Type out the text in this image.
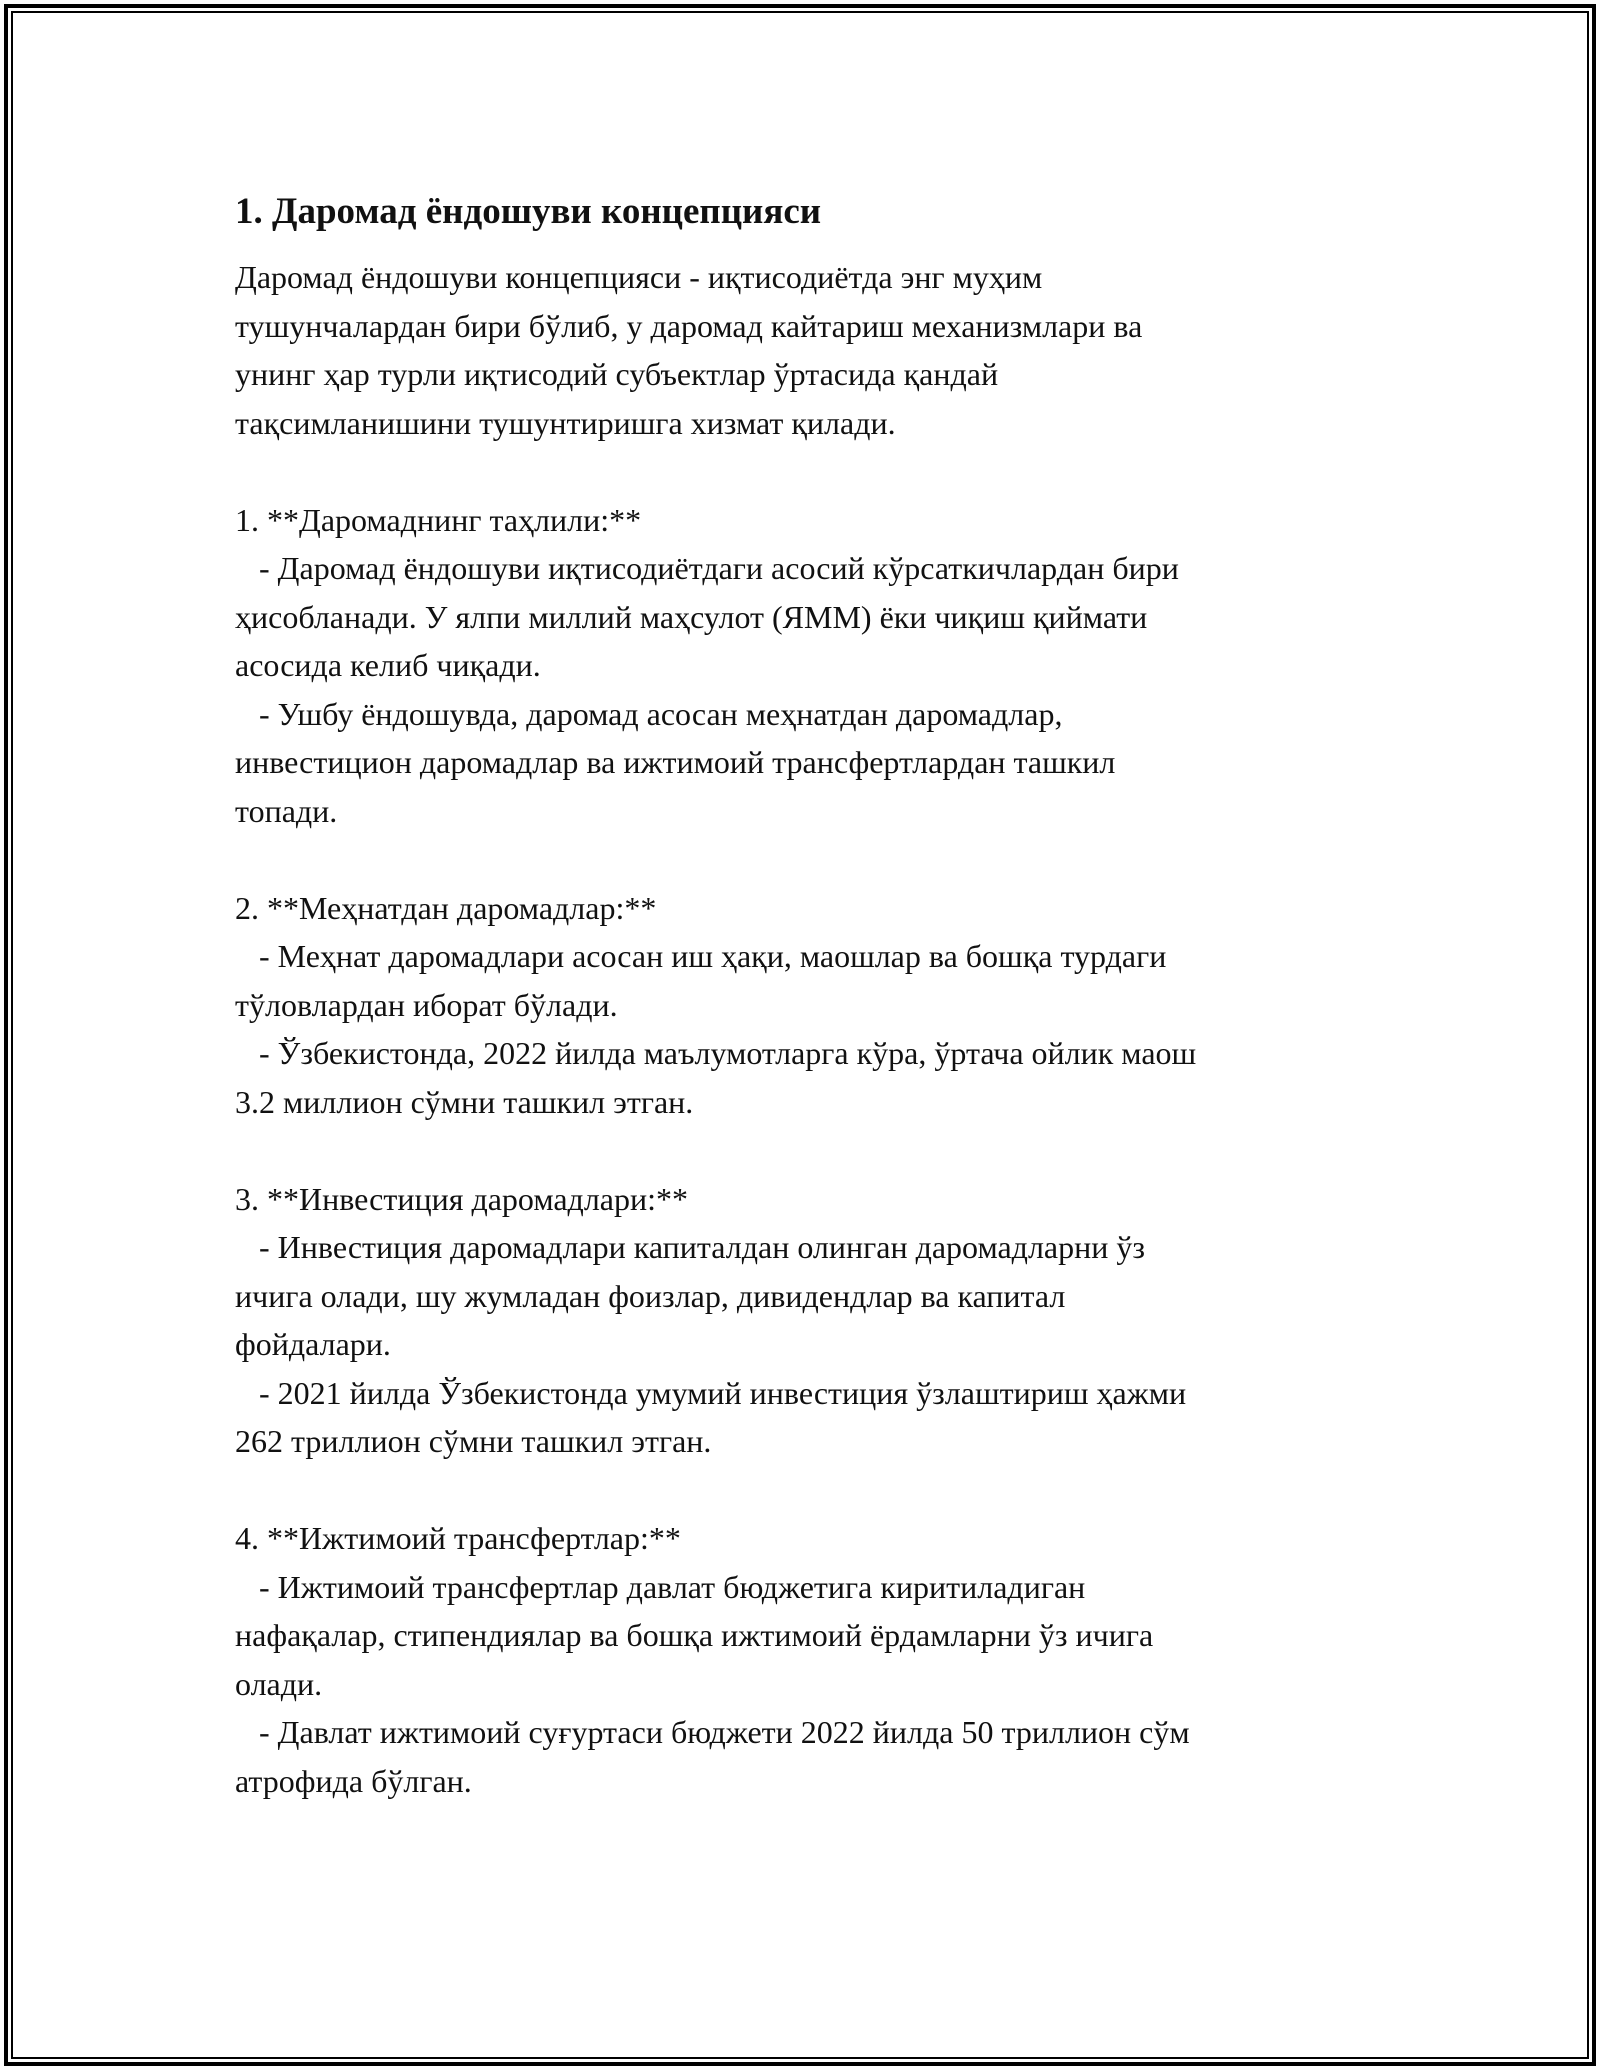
1. Даромад ёндошуви концепцияси

Даромад ёндошуви концепцияси - иқтисодиётда энг муҳим
тушунчалардан бири бўлиб, у даромад кайтариш механизмлари ва
унинг ҳар турли иқтисодий субъектлар ўртасида қандай
тақсимланишини тушунтиришга хизмат қилади.

1. **Даромаднинг таҳлили:**
- Даромад ёндошуви иқтисодиётдаги асосий кўрсаткичлардан бири
ҳисобланади. У ялпи миллий маҳсулот (ЯММ) ёки чиқиш қиймати
асосида келиб чиқади.
- Ушбу ёндошувда, даромад асосан меҳнатдан даромадлар,
инвестицион даромадлар ва ижтимоий трансфертлардан ташкил
топади.

2. **Меҳнатдан даромадлар:**
- Меҳнат даромадлари асосан иш ҳақи, маошлар ва бошқа турдаги
тўловлардан иборат бўлади.
- Ўзбекистонда, 2022 йилда маълумотларга кўра, ўртача ойлик маош
3.2 миллион сўмни ташкил этган.

3. **Инвестиция даромадлари:**
- Инвестиция даромадлари капиталдан олинган даромадларни ўз
ичига олади, шу жумладан фоизлар, дивидендлар ва капитал
фойдалари.
- 2021 йилда Ўзбекистонда умумий инвестиция ўзлаштириш ҳажми
262 триллион сўмни ташкил этган.

4. **Ижтимоий трансфертлар:**
- Ижтимоий трансфертлар давлат бюджетига киритиладиган
нафақалар, стипендиялар ва бошқа ижтимоий ёрдамларни ўз ичига
олади.
- Давлат ижтимоий суғуртаси бюджети 2022 йилда 50 триллион сўм
атрофида бўлган.
